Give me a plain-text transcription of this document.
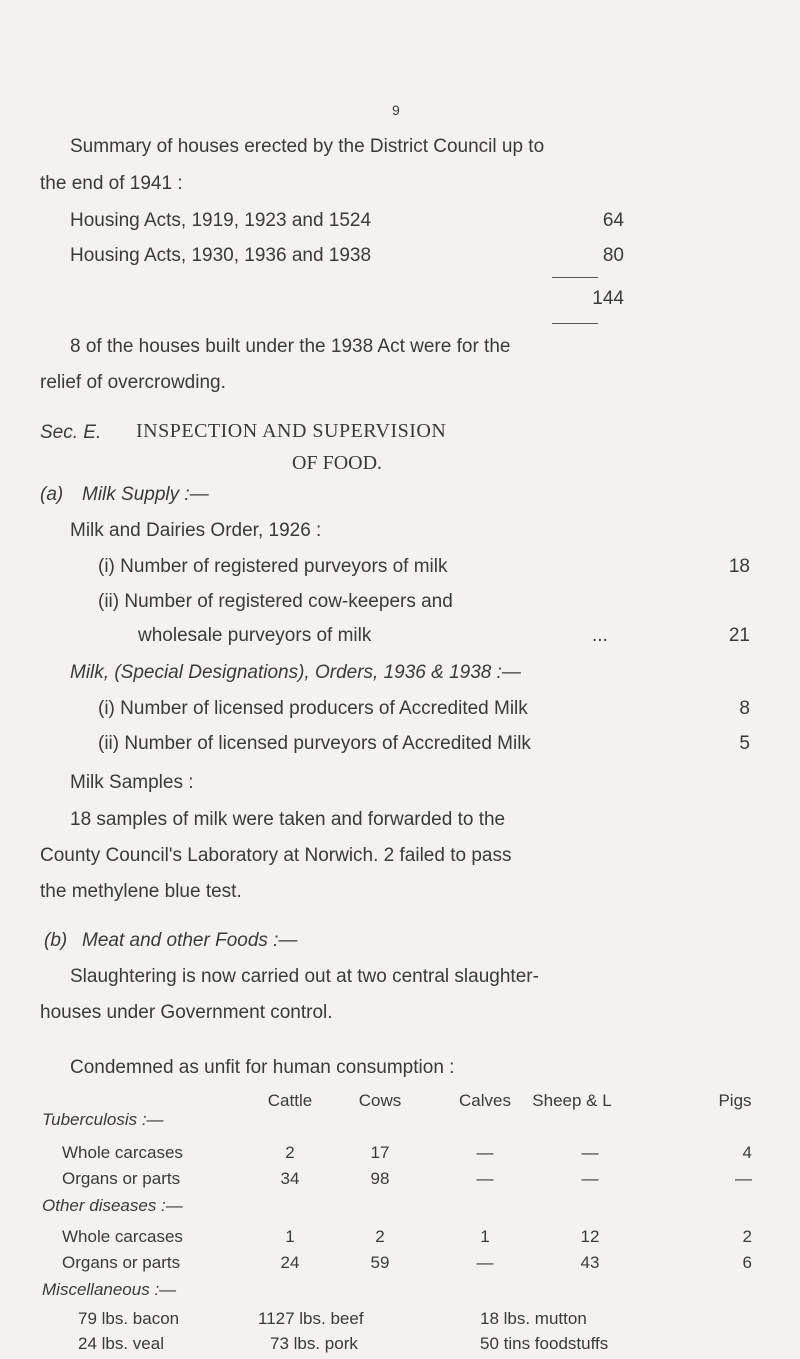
9
Summary of houses erected by the District Council up to
the end of 1941 :
Housing Acts, 1919, 1923 and 1524	64
Housing Acts, 1930, 1936 and 1938	80
144
8 of the houses built under the 1938 Act were for the
relief of overcrowding.
Sec. E. INSPECTION AND SUPERVISION
OF FOOD.
(a) Milk Supply :—
Milk and Dairies Order, 1926 :
(i) Number of registered purveyors of milk	18
(ii) Number of registered cow-keepers and
wholesale purveyors of milk	...	21
Milk, (Special Designations), Orders, 1936 & 1938 :—
(i) Number of licensed producers of Accredited Milk	8
(ii) Number of licensed purveyors of Accredited Milk	5
Milk Samples :
18 samples of milk were taken and forwarded to the
County Council's Laboratory at Norwich. 2 failed to pass
the methylene blue test.
(b) Meat and other Foods :—
Slaughtering is now carried out at two central slaughter-
houses under Government control.
Condemned as unfit for human consumption :
Cattle	Cows	Calves	Sheep & L	Pigs
Tuberculosis :—
Whole carcases	2	17	—	—	4
Organs or parts	34	98	—	—	—
Other diseases :—
Whole carcases	1	2	1	12	2
Organs or parts	24	59	—	43	6
Miscellaneous :—
79 lbs. bacon	1127 lbs. beef	18 lbs. mutton
24 lbs. veal	73 lbs. pork	50 tins foodstuffs
